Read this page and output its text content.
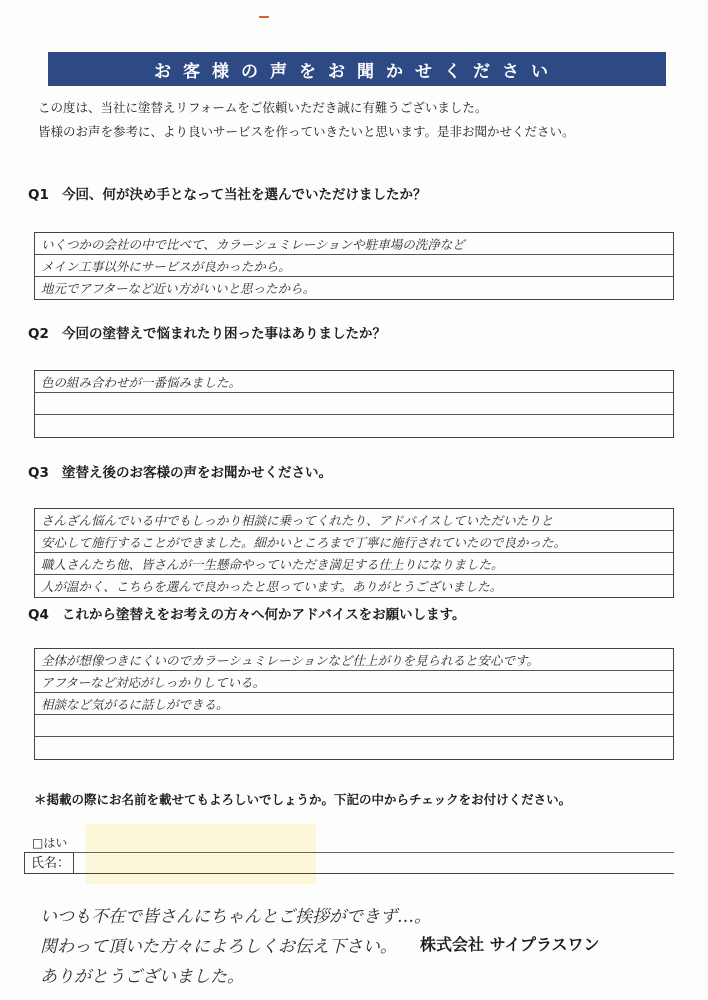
お客様の声をお聞かせください
この度は、当社に塗替えリフォームをご依頼いただき誠に有難うございました。
皆様のお声を参考に、より良いサービスを作っていきたいと思います。是非お聞かせください。
Q1 今回、何が決め手となって当社を選んでいただけましたか？
いくつかの会社の中で比べて、カラーシュミレーションや駐車場の洗浄など
メイン工事以外にサービスが良かったから。
地元でアフターなど近い方がいいと思ったから。
Q2 今回の塗替えで悩まれたり困った事はありましたか？
色の組み合わせが一番悩みました。
Q3 塗替え後のお客様の声をお聞かせください。
さんざん悩んでいる中でもしっかり相談に乗ってくれたり、アドバイスしていただいたりと
安心して施行することができました。細かいところまで丁寧に施行されていたので良かった。
職人さんたち他、皆さんが一生懸命やっていただき満足する仕上りになりました。
人が温かく、こちらを選んで良かったと思っています。ありがとうございました。
Q4 これから塗替えをお考えの方々へ何かアドバイスをお願いします。
全体が想像つきにくいのでカラーシュミレーションなど仕上がりを見られると安心です。
アフターなど対応がしっかりしている。
相談など気がるに話しができる。
＊掲載の際にお名前を載せてもよろしいでしょうか。下記の中からチェックをお付けください。
□はい
氏名：
いつも不在で皆さんにちゃんとご挨拶ができず…。
関わって頂いた方々によろしくお伝え下さい。
ありがとうございました。
株式会社 サイプラスワン
